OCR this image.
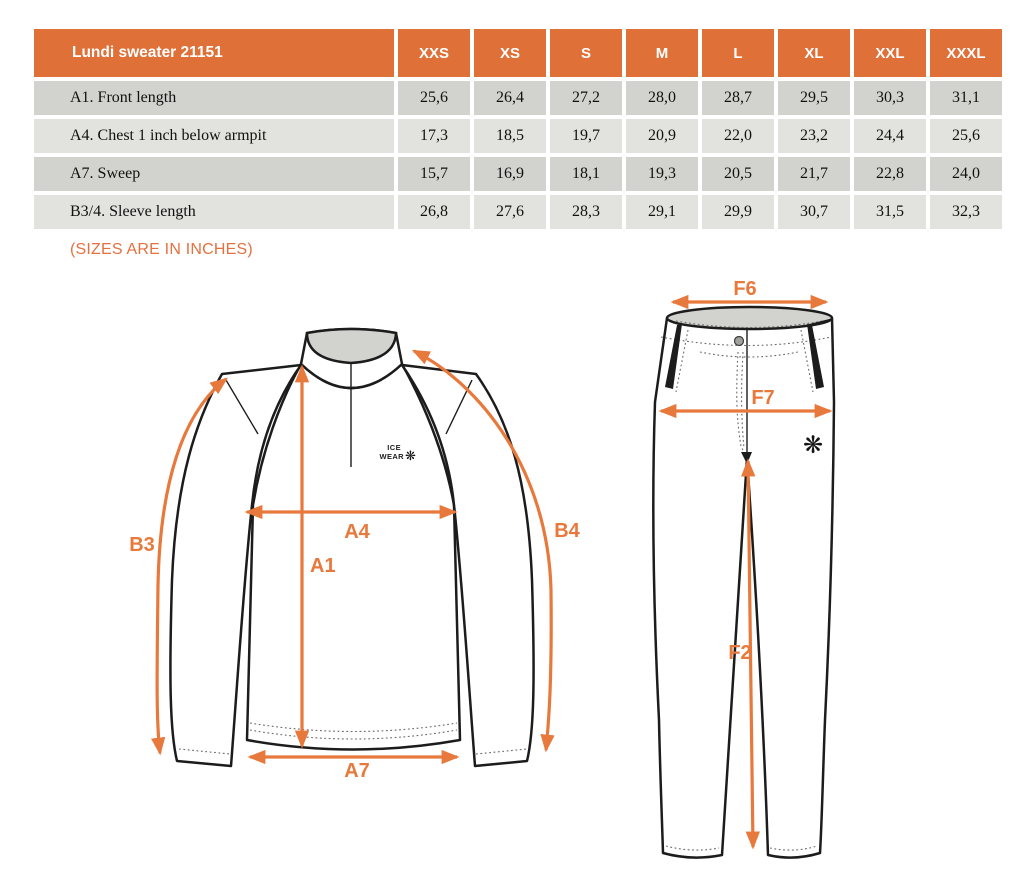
Lundi sweater 21151	XXS	XS	S	M	L	XL	XXL	XXXL
A1. Front length	25,6	26,4	27,2	28,0	28,7	29,5	30,3	31,1
A4. Chest 1 inch below armpit	17,3	18,5	19,7	20,9	22,0	23,2	24,4	25,6
A7. Sweep	15,7	16,9	18,1	19,3	20,5	21,7	22,8	24,0
B3/4. Sleeve length	26,8	27,6	28,3	29,1	29,9	30,7	31,5	32,3
(SIZES ARE IN INCHES)
ICE
WEAR ❋
A1
A4
A7
B3
B4
❋
F6
F7
F2
